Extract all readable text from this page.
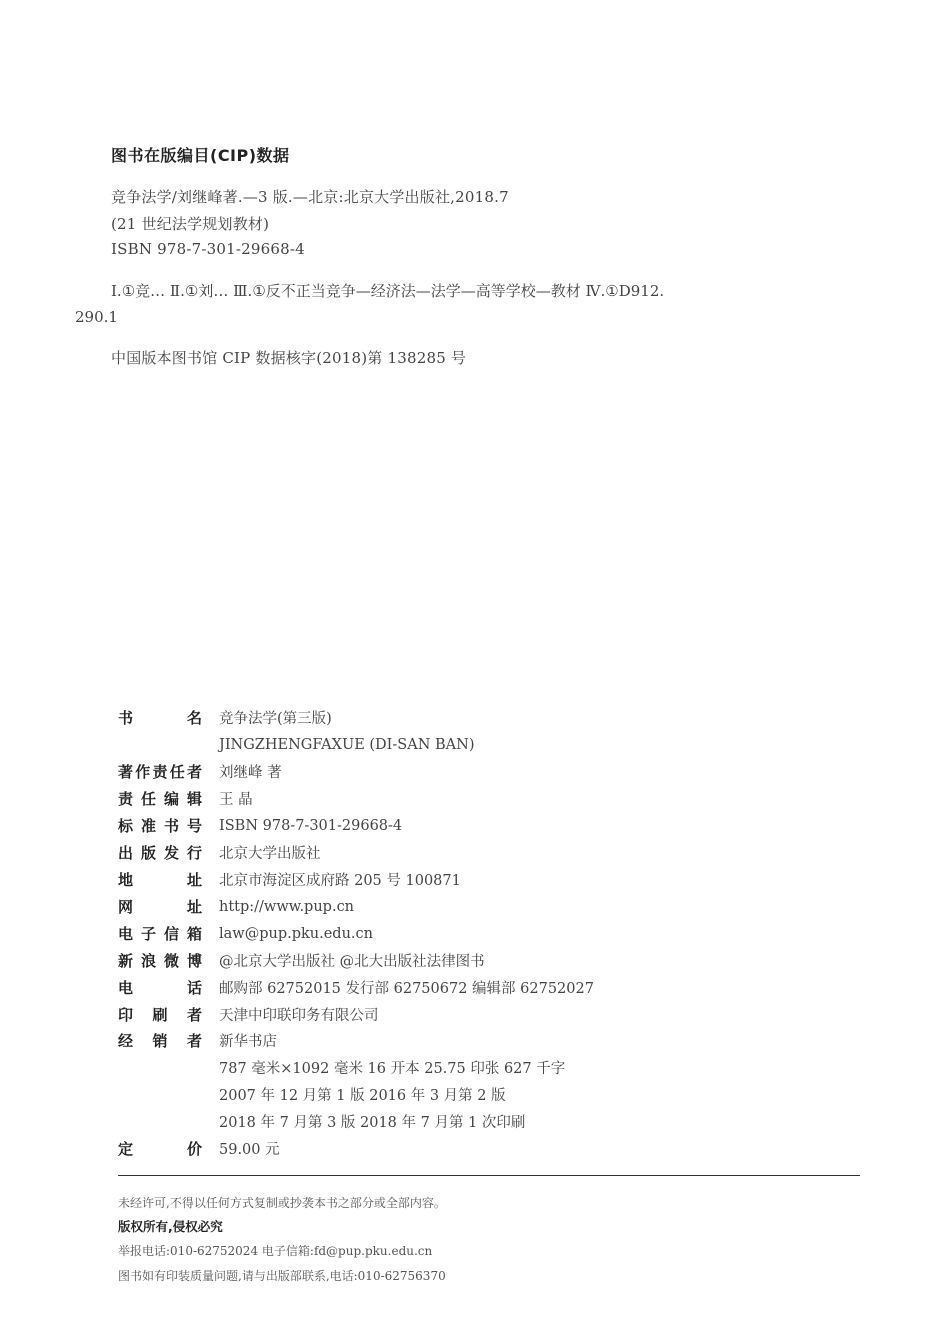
图书在版编目(CIP)数据
竞争法学/刘继峰著.—3 版.—北京:北京大学出版社,2018.7
(21 世纪法学规划教材)
ISBN 978-7-301-29668-4
Ⅰ.①竞… Ⅱ.①刘… Ⅲ.①反不正当竞争—经济法—法学—高等学校—教材 Ⅳ.①D912.
290.1
中国版本图书馆 CIP 数据核字(2018)第 138285 号
书	名 竞争法学(第三版)
JINGZHENGFAXUE (DI-SAN BAN)
著 作 责 任 者 刘继峰 著
责 任 编 辑 王 晶
标 准 书 号 ISBN 978-7-301-29668-4
出 版 发 行 北京大学出版社
地	址 北京市海淀区成府路 205 号 100871
网	址 http://www.pup.cn
电 子 信 箱 law@pup.pku.edu.cn
新 浪 微 博 @北京大学出版社 @北大出版社法律图书
电	话 邮购部 62752015 发行部 62750672 编辑部 62752027
印 刷 者 天津中印联印务有限公司
经 销 者 新华书店
787 毫米×1092 毫米 16 开本 25.75 印张 627 千字
2007 年 12 月第 1 版 2016 年 3 月第 2 版
2018 年 7 月第 3 版 2018 年 7 月第 1 次印刷
定	价 59.00 元
未经许可,不得以任何方式复制或抄袭本书之部分或全部内容。
版权所有,侵权必究
举报电话:010-62752024 电子信箱:fd@pup.pku.edu.cn
图书如有印装质量问题,请与出版部联系,电话:010-62756370
